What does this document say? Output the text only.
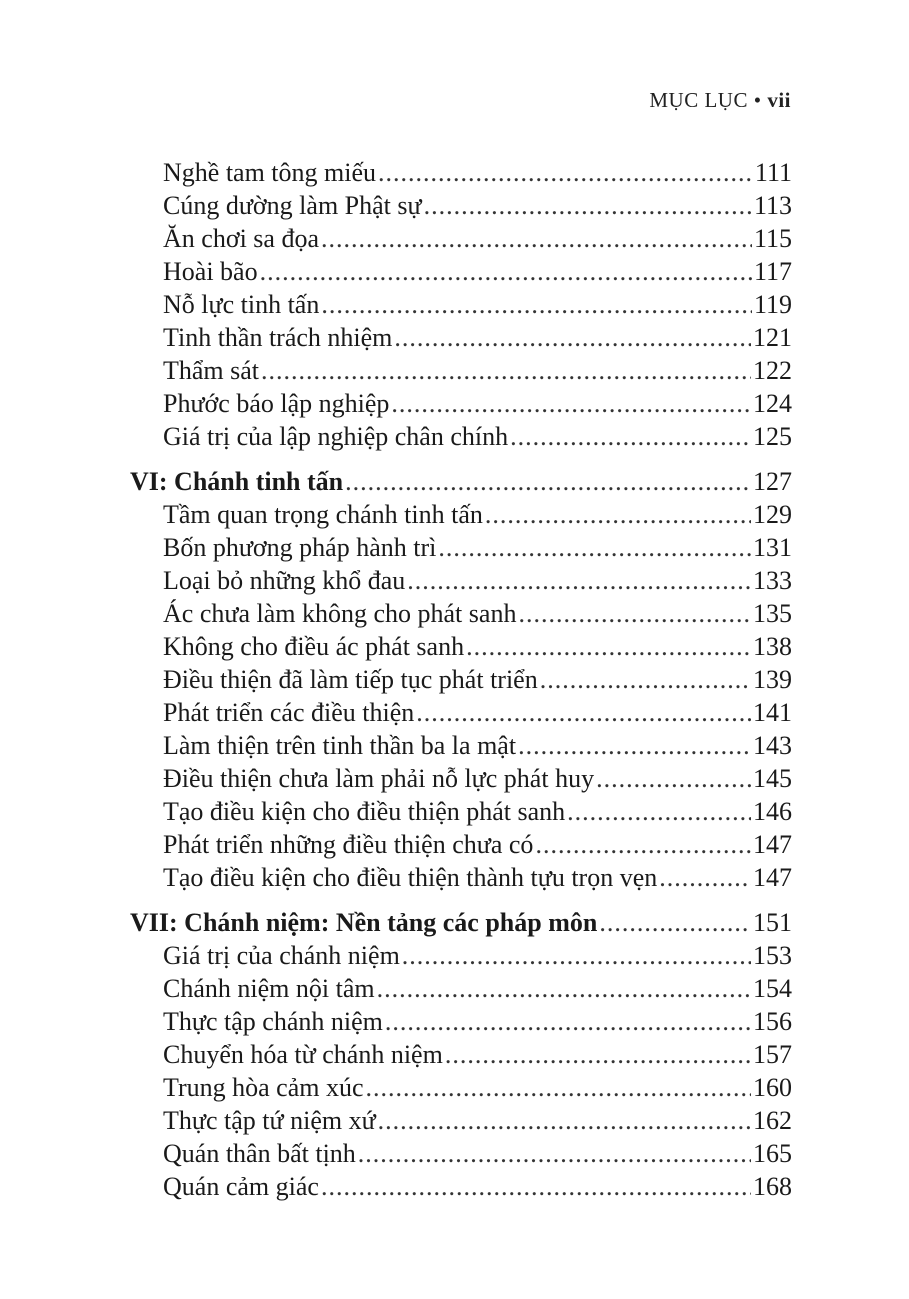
MỤC LỤC • vii
Nghề tam tông miếu .....	111
Cúng dường làm Phật sự .....	113
Ăn chơi sa đọa .....	115
Hoài bão .....	117
Nỗ lực tinh tấn .....	119
Tinh thần trách nhiệm .....	121
Thẩm sát .....	122
Phước báo lập nghiệp .....	124
Giá trị của lập nghiệp chân chính .....	125
VI: Chánh tinh tấn .....	127
Tầm quan trọng chánh tinh tấn .....	129
Bốn phương pháp hành trì .....	131
Loại bỏ những khổ đau .....	133
Ác chưa làm không cho phát sanh .....	135
Không cho điều ác phát sanh .....	138
Điều thiện đã làm tiếp tục phát triển .....	139
Phát triển các điều thiện .....	141
Làm thiện trên tinh thần ba la mật .....	143
Điều thiện chưa làm phải nỗ lực phát huy .....	145
Tạo điều kiện cho điều thiện phát sanh .....	146
Phát triển những điều thiện chưa có .....	147
Tạo điều kiện cho điều thiện thành tựu trọn vẹn .....	147
VII: Chánh niệm: Nền tảng các pháp môn .....	151
Giá trị của chánh niệm .....	153
Chánh niệm nội tâm .....	154
Thực tập chánh niệm .....	156
Chuyển hóa từ chánh niệm .....	157
Trung hòa cảm xúc .....	160
Thực tập tứ niệm xứ .....	162
Quán thân bất tịnh .....	165
Quán cảm giác .....	168
